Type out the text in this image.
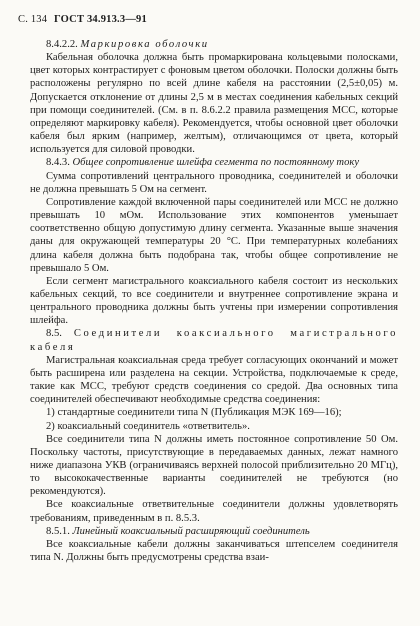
С. 134 ГОСТ 34.913.3—91

8.4.2.2. Маркировка оболочки

Кабельная оболочка должна быть промаркирована кольцевыми полосками, цвет которых контрастирует с фоновым цветом оболочки. Полоски должны быть расположены регулярно по всей длине кабеля на расстоянии (2,5±0,05) м. Допускается отклонение от длины 2,5 м в местах соединения кабельных секций при помощи соединителей. (См. в п. 8.6.2.2 правила размещения МСС, которые определяют маркировку кабеля). Рекомендуется, чтобы основной цвет оболочки кабеля был ярким (например, желтым), отличающимся от цвета, который используется для силовой проводки.

8.4.3. Общее сопротивление шлейфа сегмента по постоянному току

Сумма сопротивлений центрального проводника, соединителей и оболочки не должна превышать 5 Ом на сегмент.

Сопротивление каждой включенной пары соединителей или МСС не должно превышать 10 мОм. Использование этих компонентов уменьшает соответственно общую допустимую длину сегмента. Указанные выше значения даны для окружающей температуры 20 °С. При температурных колебаниях длина кабеля должна быть подобрана так, чтобы общее сопротивление не превышало 5 Ом.

Если сегмент магистрального коаксиального кабеля состоит из нескольких кабельных секций, то все соединители и внутреннее сопротивление экрана и центрального проводника должны быть учтены при измерении сопротивления шлейфа.

8.5. Соединители коаксиального магистрального кабеля

Магистральная коаксиальная среда требует согласующих окончаний и может быть расширена или разделена на секции. Устройства, подключаемые к среде, такие как МСС, требуют средств соединения со средой. Два основных типа соединителей обеспечивают необходимые средства соединения:

1) стандартные соединители типа N (Публикация МЭК 169—16);

2) коаксиальный соединитель «ответвитель».

Все соединители типа N должны иметь постоянное сопротивление 50 Ом. Поскольку частоты, присутствующие в передаваемых данных, лежат намного ниже диапазона УКВ (ограничиваясь верхней полосой приблизительно 20 МГц), то высококачественные варианты соединителей не требуются (но рекомендуются).

Все коаксиальные ответвительные соединители должны удовлетворять требованиям, приведенным в п. 8.5.3.

8.5.1. Линейный коаксиальный расширяющий соединитель

Все коаксиальные кабели должны заканчиваться штепселем соединителя типа N. Должны быть предусмотрены средства взаи-
